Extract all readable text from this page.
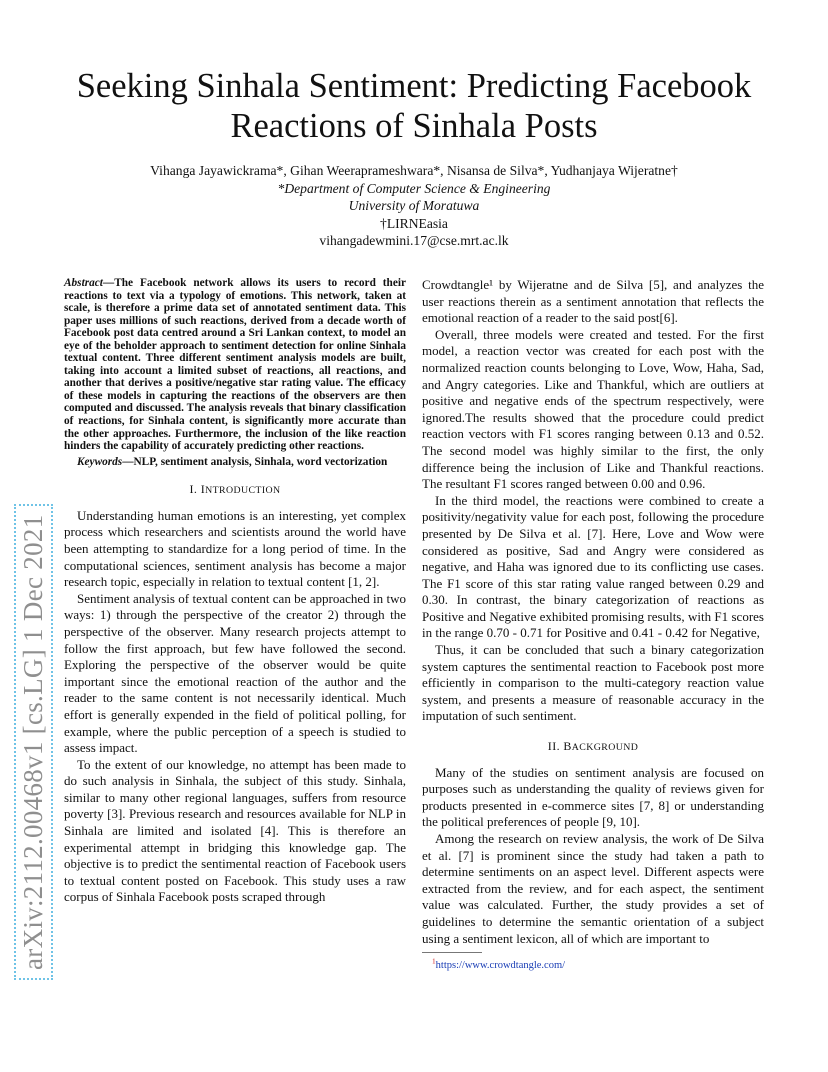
Seeking Sinhala Sentiment: Predicting Facebook Reactions of Sinhala Posts
Vihanga Jayawickrama*, Gihan Weeraprameshwara*, Nisansa de Silva*, Yudhanjaya Wijeratne†
*Department of Computer Science & Engineering
University of Moratuwa
†LIRNEasia
vihangadewmini.17@cse.mrt.ac.lk
arXiv:2112.00468v1 [cs.LG] 1 Dec 2021

Abstract—The Facebook network allows its users to record their reactions to text via a typology of emotions. This network, taken at scale, is therefore a prime data set of annotated sentiment data. This paper uses millions of such reactions, derived from a decade worth of Facebook post data centred around a Sri Lankan context, to model an eye of the beholder approach to sentiment detection for online Sinhala textual content. Three different sentiment analysis models are built, taking into account a limited subset of reactions, all reactions, and another that derives a positive/negative star rating value. The efficacy of these models in capturing the reactions of the observers are then computed and discussed. The analysis reveals that binary classification of reactions, for Sinhala content, is significantly more accurate than the other approaches. Furthermore, the inclusion of the like reaction hinders the capability of accurately predicting other reactions.

Keywords—NLP, sentiment analysis, Sinhala, word vectorization

I. INTRODUCTION

Understanding human emotions is an interesting, yet complex process which researchers and scientists around the world have been attempting to standardize for a long period of time. In the computational sciences, sentiment analysis has become a major research topic, especially in relation to textual content [1, 2].

Sentiment analysis of textual content can be approached in two ways: 1) through the perspective of the creator 2) through the perspective of the observer. Many research projects attempt to follow the first approach, but few have followed the second. Exploring the perspective of the observer would be quite important since the emotional reaction of the author and the reader to the same content is not necessarily identical. Much effort is generally expended in the field of political polling, for example, where the public perception of a speech is studied to assess impact.

To the extent of our knowledge, no attempt has been made to do such analysis in Sinhala, the subject of this study. Sinhala, similar to many other regional languages, suffers from resource poverty [3]. Previous research and resources available for NLP in Sinhala are limited and isolated [4]. This is therefore an experimental attempt in bridging this knowledge gap. The objective is to predict the sentimental reaction of Facebook users to textual content posted on Facebook. This study uses a raw corpus of Sinhala Facebook posts scraped through

Crowdtangle¹ by Wijeratne and de Silva [5], and analyzes the user reactions therein as a sentiment annotation that reflects the emotional reaction of a reader to the said post[6].

Overall, three models were created and tested. For the first model, a reaction vector was created for each post with the normalized reaction counts belonging to Love, Wow, Haha, Sad, and Angry categories. Like and Thankful, which are outliers at positive and negative ends of the spectrum respectively, were ignored.The results showed that the procedure could predict reaction vectors with F1 scores ranging between 0.13 and 0.52. The second model was highly similar to the first, the only difference being the inclusion of Like and Thankful reactions. The resultant F1 scores ranged between 0.00 and 0.96.

In the third model, the reactions were combined to create a positivity/negativity value for each post, following the procedure presented by De Silva et al. [7]. Here, Love and Wow were considered as positive, Sad and Angry were considered as negative, and Haha was ignored due to its conflicting use cases. The F1 score of this star rating value ranged between 0.29 and 0.30. In contrast, the binary categorization of reactions as Positive and Negative exhibited promising results, with F1 scores in the range 0.70 - 0.71 for Positive and 0.41 - 0.42 for Negative,

Thus, it can be concluded that such a binary categorization system captures the sentimental reaction to Facebook post more efficiently in comparison to the multi-category reaction value system, and presents a measure of reasonable accuracy in the imputation of such sentiment.

II. BACKGROUND

Many of the studies on sentiment analysis are focused on purposes such as understanding the quality of reviews given for products presented in e-commerce sites [7, 8] or understanding the political preferences of people [9, 10].

Among the research on review analysis, the work of De Silva et al. [7] is prominent since the study had taken a path to determine sentiments on an aspect level. Different aspects were extracted from the review, and for each aspect, the sentiment value was calculated. Further, the study provides a set of guidelines to determine the semantic orientation of a subject using a sentiment lexicon, all of which are important to

$^1$https://www.crowdtangle.com/
